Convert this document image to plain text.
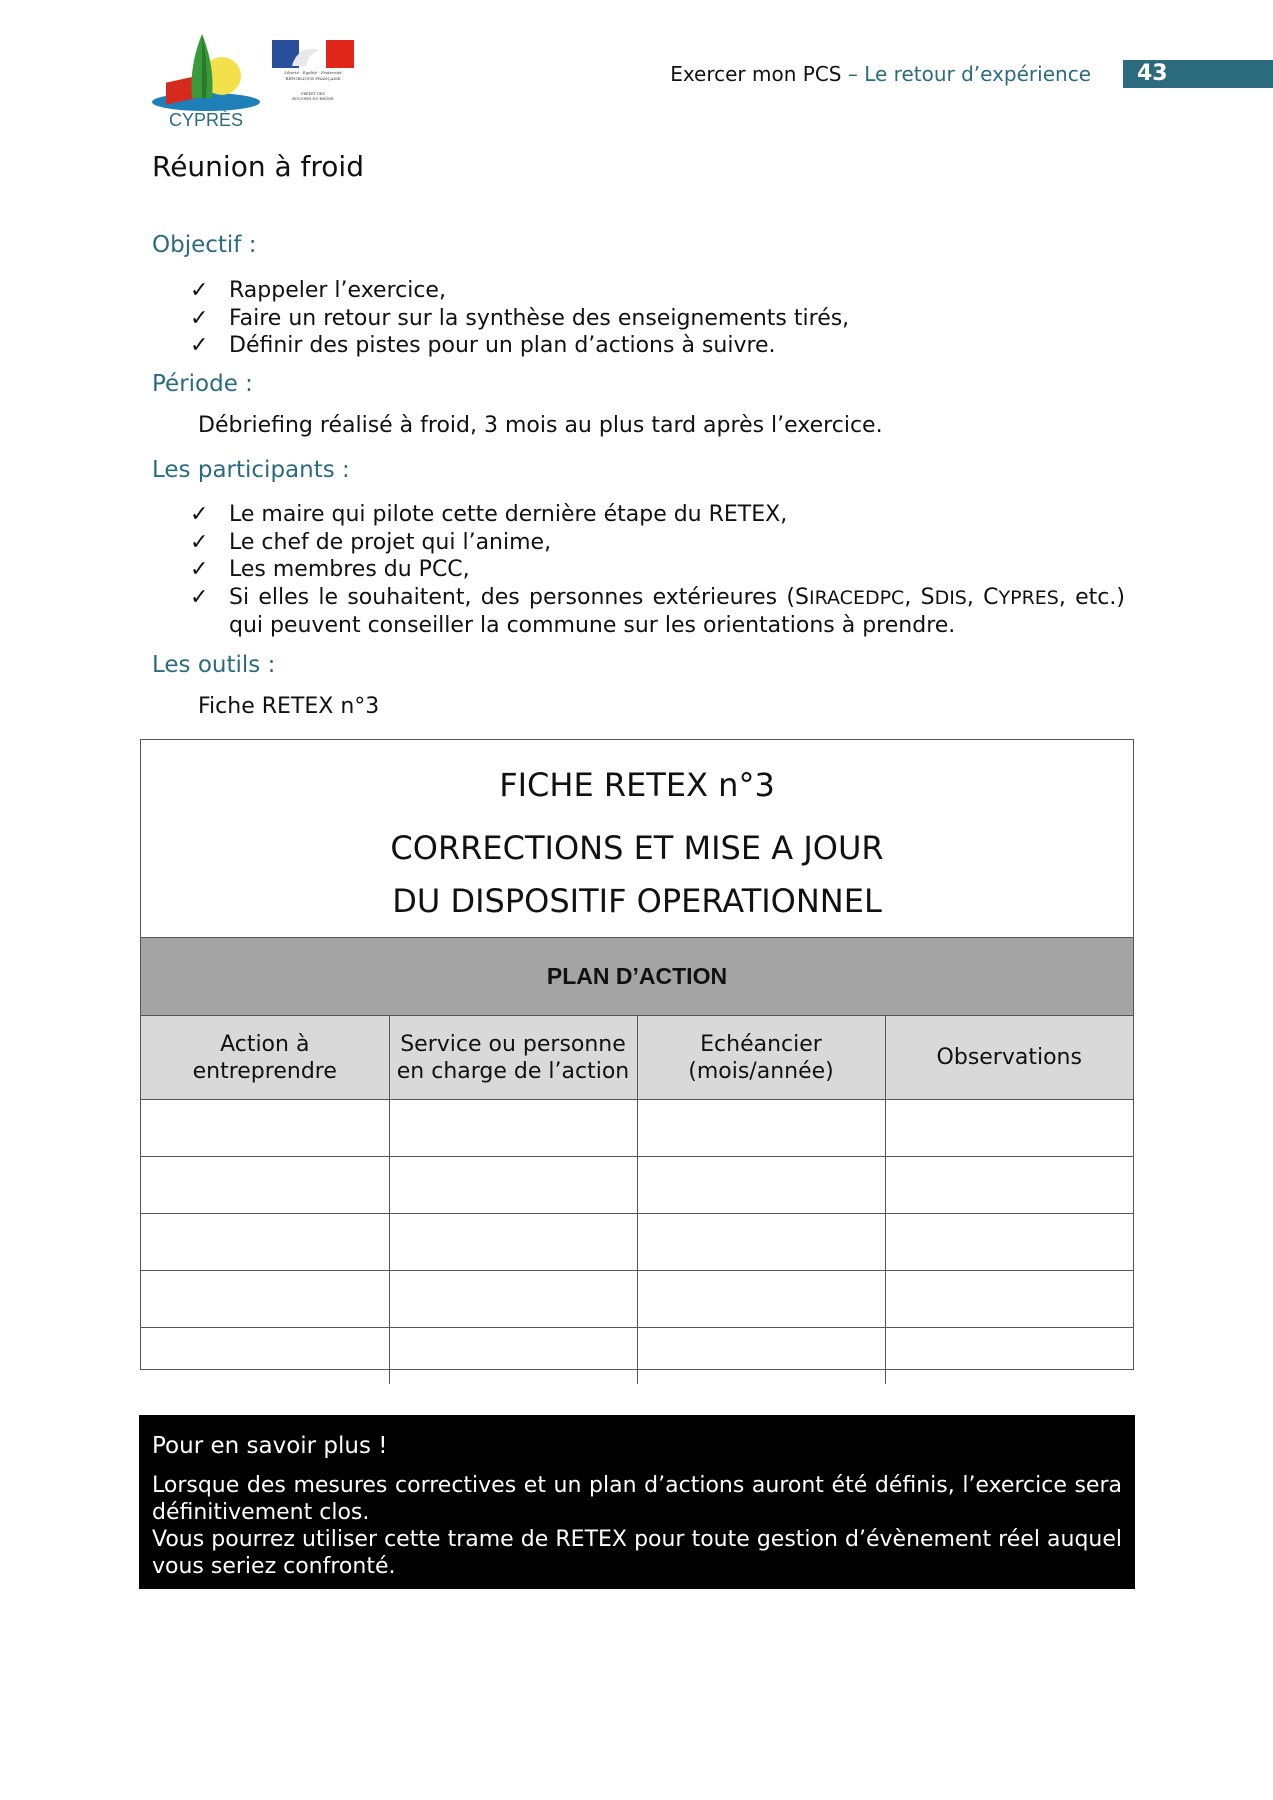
CYPRÈS
Liberté · Égalité · Fraternité
RÉPUBLIQUE FRANÇAISE
PRÉFET DES
BOUCHES-DU-RHÔNE
Exercer mon PCS – Le retour d’expérience	43
Réunion à froid
Objectif :
✓ Rappeler l’exercice,
✓ Faire un retour sur la synthèse des enseignements tirés,
✓ Définir des pistes pour un plan d’actions à suivre.
Période :
Débriefing réalisé à froid, 3 mois au plus tard après l’exercice.
Les participants :
✓ Le maire qui pilote cette dernière étape du RETEX,
✓ Le chef de projet qui l’anime,
✓ Les membres du PCC,
✓ Si elles le souhaitent, des personnes extérieures (SIRACEDPC, SDIS, CYPRES, etc.) qui peuvent conseiller la commune sur les orientations à prendre.
Les outils :
Fiche RETEX n°3
FICHE RETEX n°3
CORRECTIONS ET MISE A JOUR
DU DISPOSITIF OPERATIONNEL
PLAN D’ACTION
Action à entreprendre	Service ou personne en charge de l’action	Echéancier (mois/année)	Observations

Pour en savoir plus !

Lorsque des mesures correctives et un plan d’actions auront été définis, l’exercice sera définitivement clos.

Vous pourrez utiliser cette trame de RETEX pour toute gestion d’évènement réel auquel vous seriez confronté.
